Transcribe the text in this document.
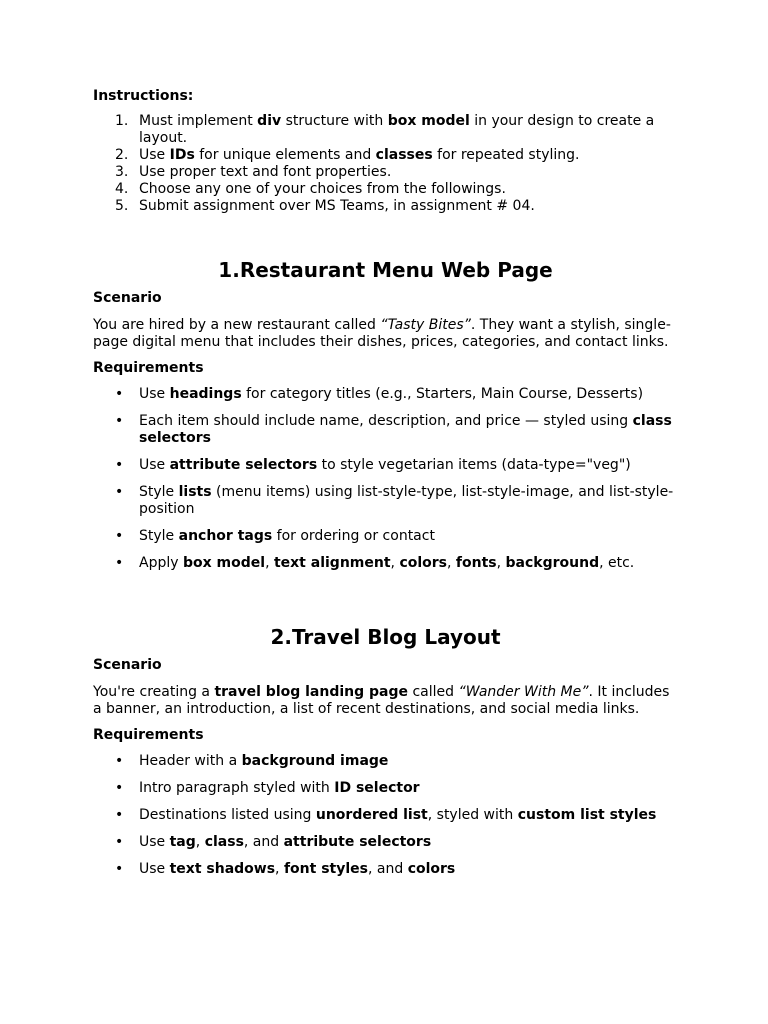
Instructions:

1. Must implement div structure with box model in your design to create a layout.
2. Use IDs for unique elements and classes for repeated styling.
3. Use proper text and font properties.
4. Choose any one of your choices from the followings.
5. Submit assignment over MS Teams, in assignment # 04.
1.Restaurant Menu Web Page

Scenario

You are hired by a new restaurant called “Tasty Bites”. They want a stylish, single-page digital menu that includes their dishes, prices, categories, and contact links.

Requirements

• Use headings for category titles (e.g., Starters, Main Course, Desserts)
• Each item should include name, description, and price — styled using class selectors
• Use attribute selectors to style vegetarian items (data-type="veg")
• Style lists (menu items) using list-style-type, list-style-image, and list-style-position
• Style anchor tags for ordering or contact
• Apply box model, text alignment, colors, fonts, background, etc.
2.Travel Blog Layout

Scenario

You're creating a travel blog landing page called “Wander With Me”. It includes a banner, an introduction, a list of recent destinations, and social media links.

Requirements

• Header with a background image
• Intro paragraph styled with ID selector
• Destinations listed using unordered list, styled with custom list styles
• Use tag, class, and attribute selectors
• Use text shadows, font styles, and colors
